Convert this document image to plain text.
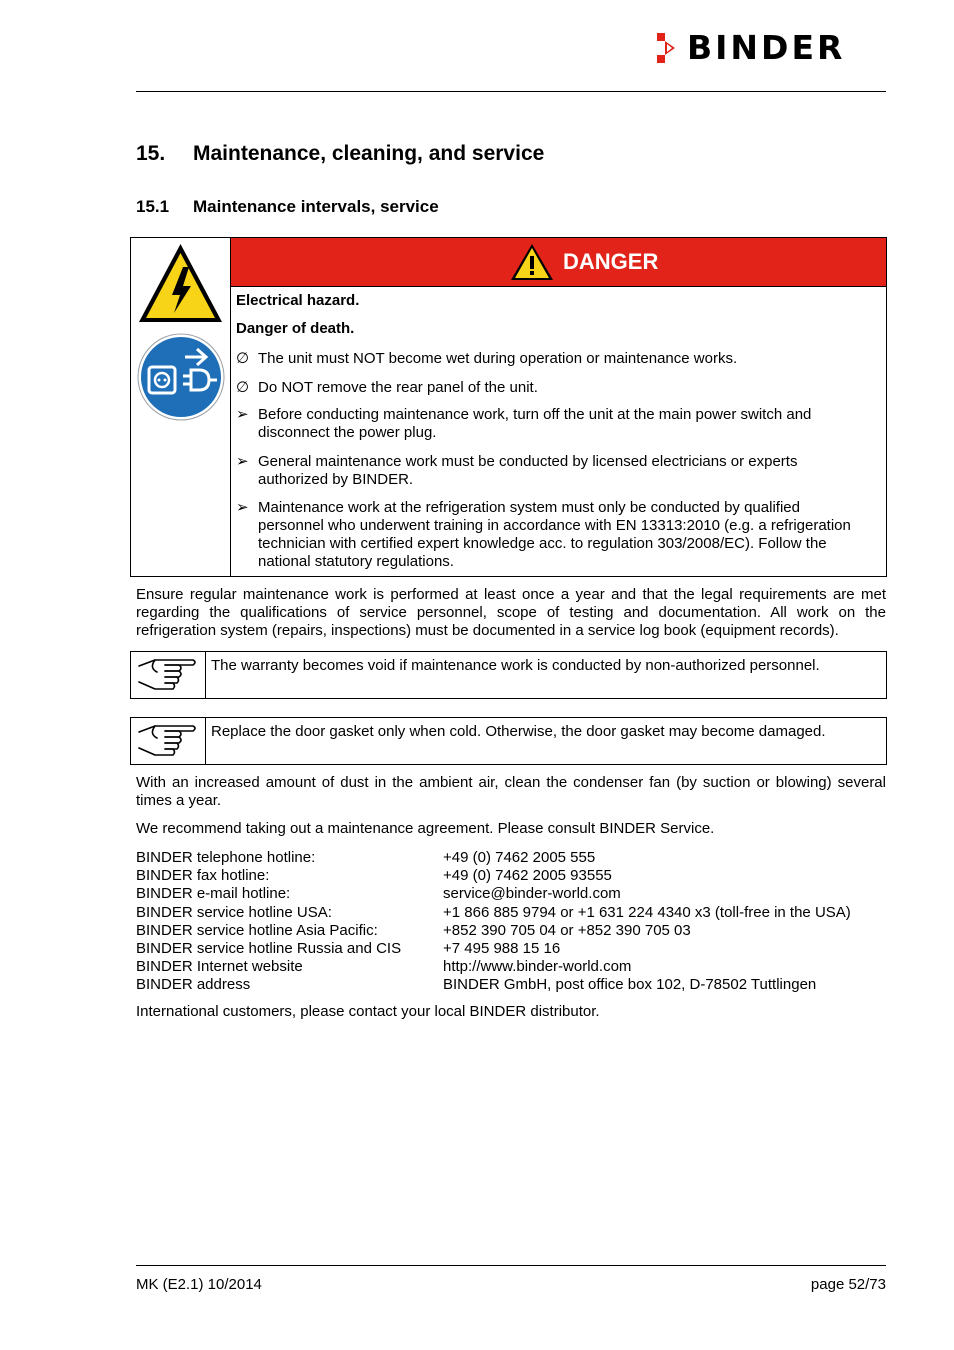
BINDER
15. Maintenance, cleaning, and service
15.1 Maintenance intervals, service
DANGER
Electrical hazard.
Danger of death.
∅ The unit must NOT become wet during operation or maintenance works.
∅ Do NOT remove the rear panel of the unit.
➢ Before conducting maintenance work, turn off the unit at the main power switch and disconnect the power plug.
➢ General maintenance work must be conducted by licensed electricians or experts authorized by BINDER.
➢ Maintenance work at the refrigeration system must only be conducted by qualified personnel who underwent training in accordance with EN 13313:2010 (e.g. a refrigeration technician with certified expert knowledge acc. to regulation 303/2008/EC). Follow the national statutory regulations.
Ensure regular maintenance work is performed at least once a year and that the legal requirements are met regarding the qualifications of service personnel, scope of testing and documentation. All work on the refrigeration system (repairs, inspections) must be documented in a service log book (equipment records).
The warranty becomes void if maintenance work is conducted by non-authorized personnel.
Replace the door gasket only when cold. Otherwise, the door gasket may become damaged.
With an increased amount of dust in the ambient air, clean the condenser fan (by suction or blowing) several times a year.
We recommend taking out a maintenance agreement. Please consult BINDER Service.
BINDER telephone hotline:	+49 (0) 7462 2005 555
BINDER fax hotline:	+49 (0) 7462 2005 93555
BINDER e-mail hotline:	service@binder-world.com
BINDER service hotline USA:	+1 866 885 9794 or +1 631 224 4340 x3 (toll-free in the USA)
BINDER service hotline Asia Pacific:	+852 390 705 04 or +852 390 705 03
BINDER service hotline Russia and CIS	+7 495 988 15 16
BINDER Internet website	http://www.binder-world.com
BINDER address	BINDER GmbH, post office box 102, D-78502 Tuttlingen
International customers, please contact your local BINDER distributor.
MK (E2.1) 10/2014	page 52/73
